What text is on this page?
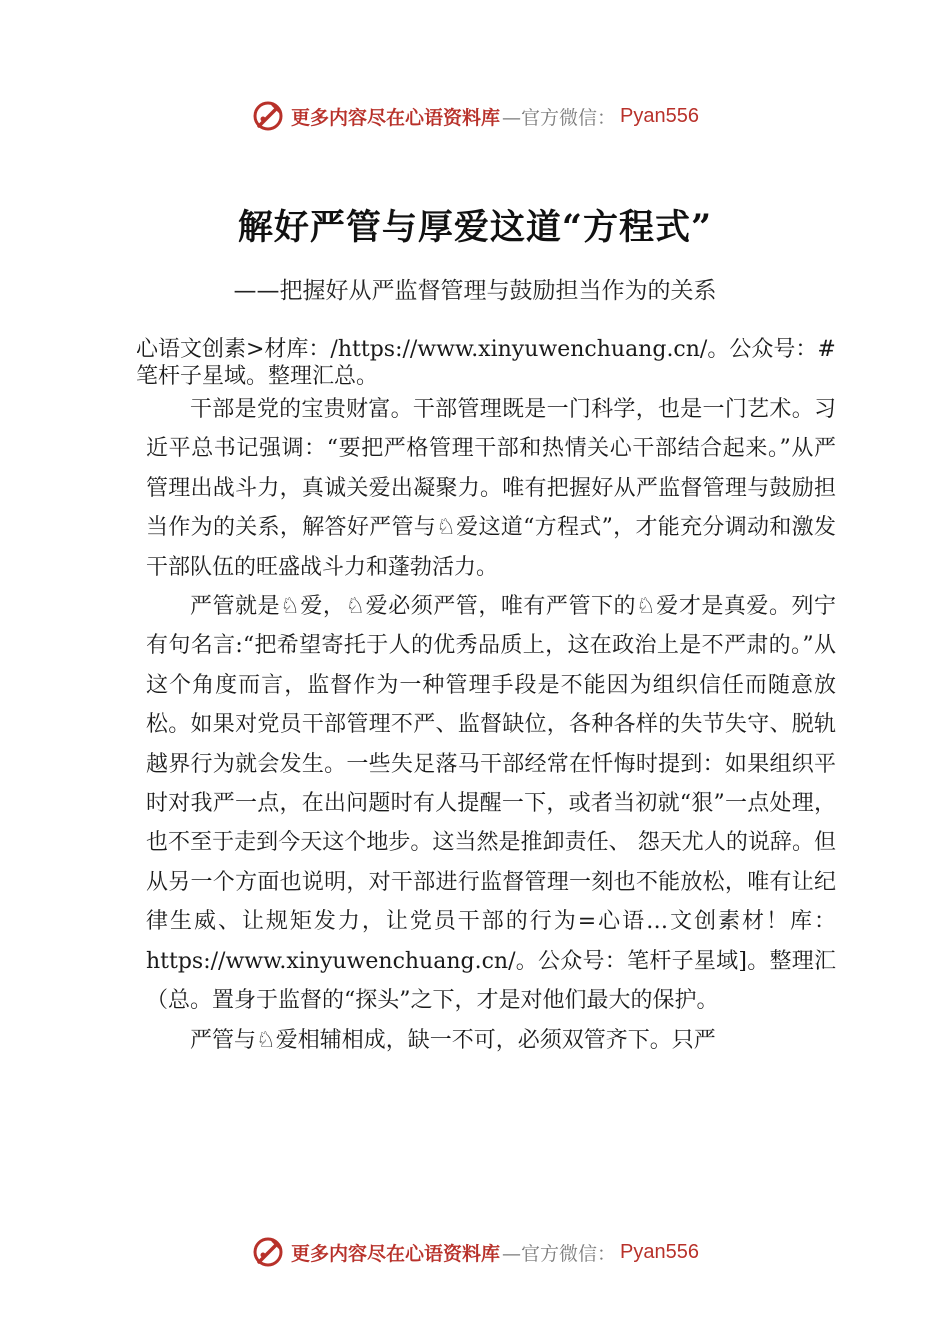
更多内容尽在心语资料库 —官方微信： Pyan556
解好严管与厚爱这道“方程式”
——把握好从严监督管理与鼓励担当作为的关系
心语文创素>材库：/https://www.xinyuwenchuang.cn/。公众号：#笔杆子星域。整理汇总。

干部是党的宝贵财富。干部管理既是一门科学，也是一门艺术。习近平总书记强调：“要把严格管理干部和热情关心干部结合起来。”从严管理出战斗力，真诚关爱出凝聚力。唯有把握好从严监督管理与鼓励担当作为的关系，解答好严管与♘爱这道“方程式”，才能充分调动和激发干部队伍的旺盛战斗力和蓬勃活力。

严管就是♘爱，♘爱必须严管，唯有严管下的♘爱才是真爱。列宁有句名言:“把希望寄托于人的优秀品质上，这在政治上是不严肃的。”从这个角度而言，监督作为一种管理手段是不能因为组织信任而随意放松。如果对党员干部管理不严、监督缺位，各种各样的失节失守、脱轨越界行为就会发生。一些失足落马干部经常在忏悔时提到：如果组织平时对我严一点，在出问题时有人提醒一下，或者当初就“狠”一点处理，也不至于走到今天这个地步。这当然是推卸责任、 怨天尤人的说辞。但从另一个方面也说明，对干部进行监督管理一刻也不能放松，唯有让纪律生威、让规矩发力，让党员干部的行为=心语…文创素材！库：https://www.xinyuwenchuang.cn/。公众号：笔杆子星域]。整理汇（总。置身于监督的“探头”之下，才是对他们最大的保护。

严管与♘爱相辅相成，缺一不可，必须双管齐下。只严

更多内容尽在心语资料库 —官方微信： Pyan556
